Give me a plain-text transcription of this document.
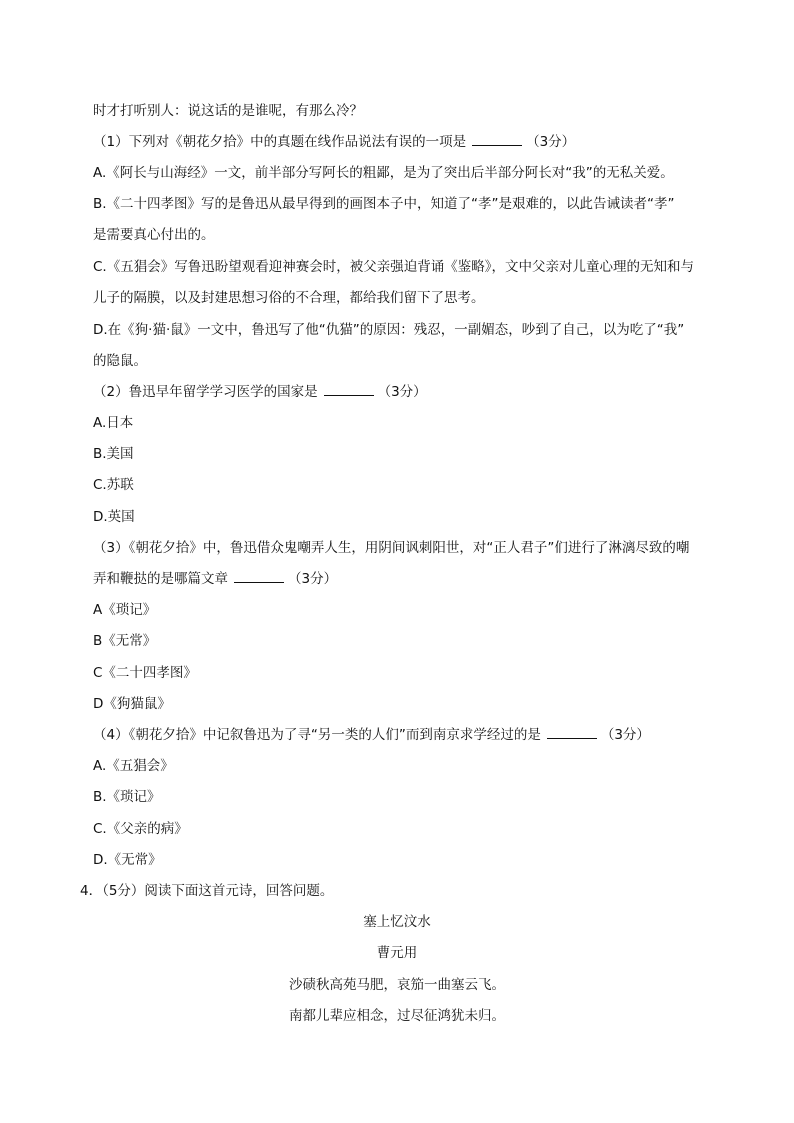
时才打听别人：说这话的是谁呢，有那么冷？
（1）下列对《朝花夕拾》中的真题在线作品说法有误的一项是	（3分）
A.《阿长与山海经》一文，前半部分写阿长的粗鄙，是为了突出后半部分阿长对“我”的无私关爱。
B.《二十四孝图》写的是鲁迅从最早得到的画图本子中，知道了“孝”是艰难的，以此告诫读者“孝”
是需要真心付出的。
C.《五猖会》写鲁迅盼望观看迎神赛会时，被父亲强迫背诵《鉴略》，文中父亲对儿童心理的无知和与
儿子的隔膜，以及封建思想习俗的不合理，都给我们留下了思考。
D.在《狗·猫·鼠》一文中，鲁迅写了他“仇猫”的原因：残忍，一副媚态，吵到了自己，以为吃了“我”
的隐鼠。
（2）鲁迅早年留学学习医学的国家是	（3分）
A.日本
B.美国
C.苏联
D.英国
（3）《朝花夕拾》中，鲁迅借众鬼嘲弄人生，用阴间讽刺阳世，对“正人君子”们进行了淋漓尽致的嘲
弄和鞭挞的是哪篇文章	（3分）
A《琐记》
B《无常》
C《二十四孝图》
D《狗猫鼠》
（4）《朝花夕拾》中记叙鲁迅为了寻“另一类的人们”而到南京求学经过的是	（3分）
A.《五猖会》
B.《琐记》
C.《父亲的病》
D.《无常》
4．（5分）阅读下面这首元诗，回答问题。
塞上忆汶水
曹元用
沙碛秋高苑马肥，哀笳一曲塞云飞。
南都儿辈应相念，过尽征鸿犹未归。
